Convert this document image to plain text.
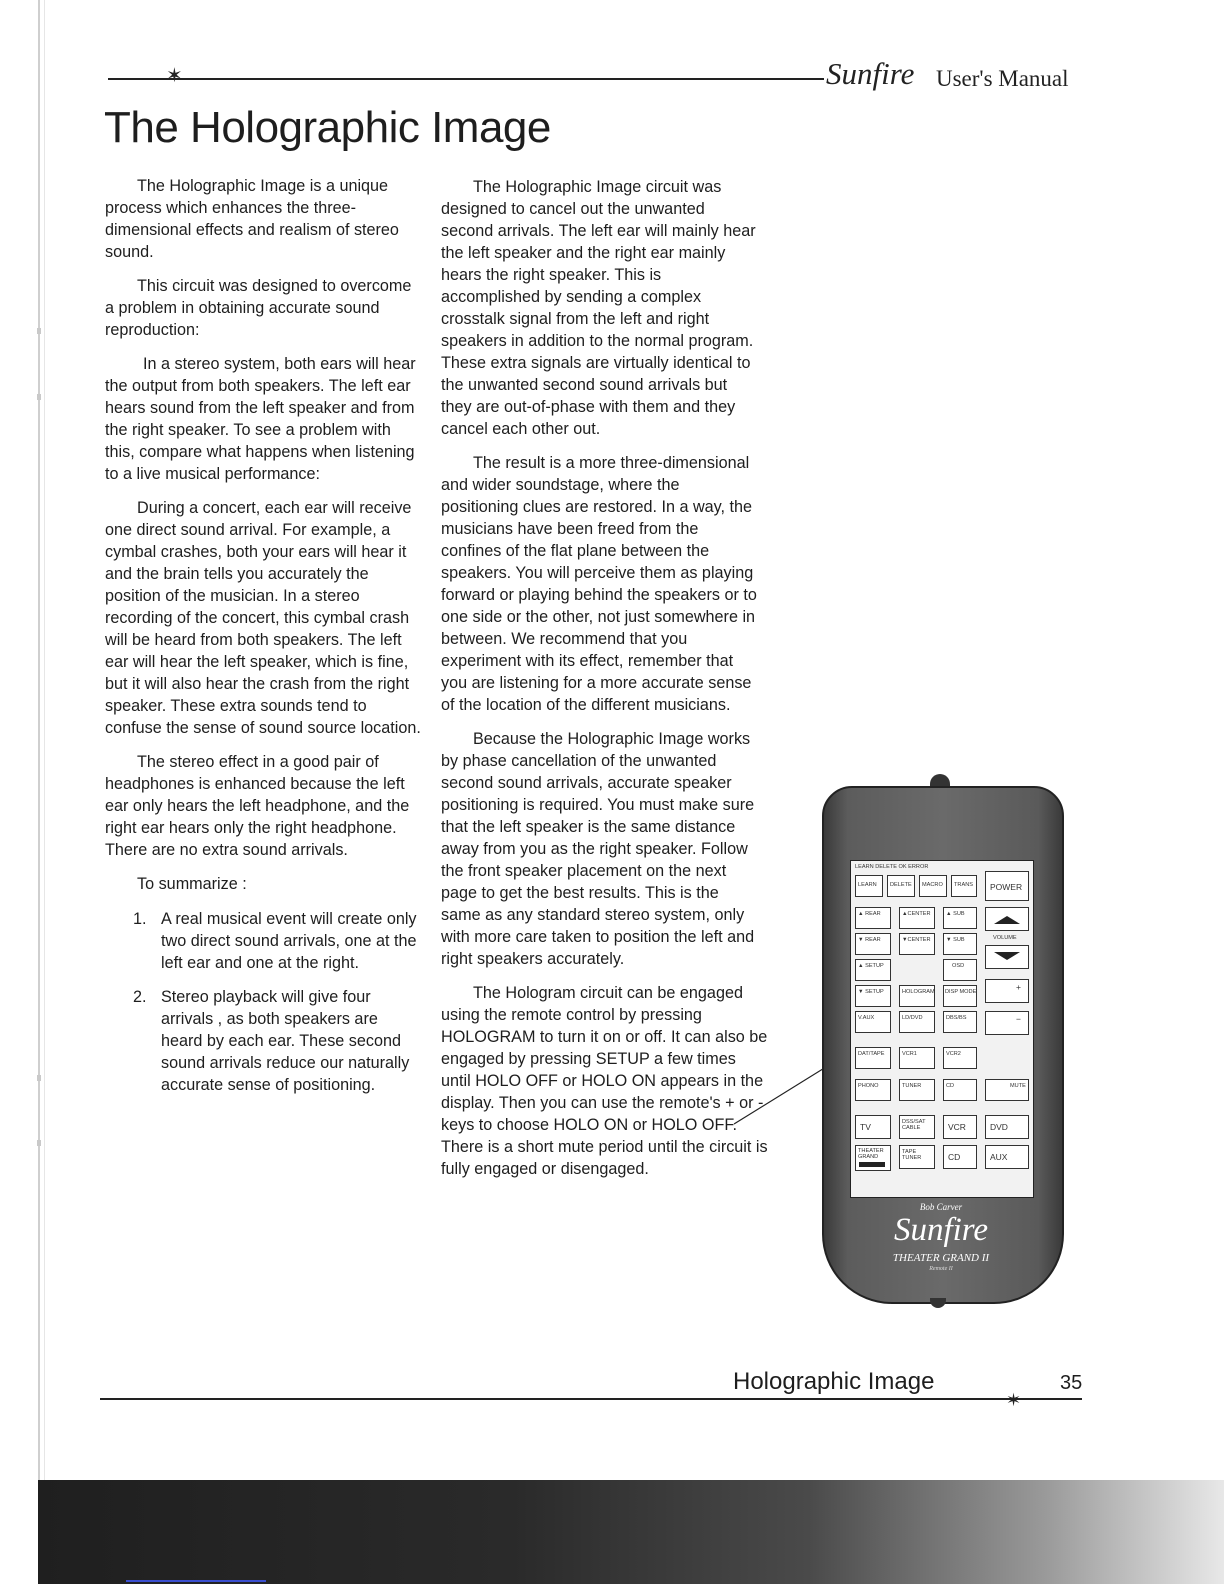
✶	Sunfire User's Manual
The Holographic Image

The Holographic Image is a unique process which enhances the three-dimensional effects and realism of stereo sound.

This circuit was designed to overcome a problem in obtaining accurate sound reproduction:

In a stereo system, both ears will hear the output from both speakers. The left ear hears sound from the left speaker and from the right speaker. To see a problem with this, compare what happens when listening to a live musical performance:

During a concert, each ear will receive one direct sound arrival. For example, a cymbal crashes, both your ears will hear it and the brain tells you accurately the position of the musician. In a stereo recording of the concert, this cymbal crash will be heard from both speakers. The left ear will hear the left speaker, which is fine, but it will also hear the crash from the right speaker. These extra sounds tend to confuse the sense of sound source location.

The stereo effect in a good pair of headphones is enhanced because the left ear only hears the left headphone, and the right ear hears only the right headphone. There are no extra sound arrivals.

To summarize :

1. A real musical event will create only two direct sound arrivals, one at the left ear and one at the right.
2. Stereo playback will give four arrivals , as both speakers are heard by each ear. These second sound arrivals reduce our naturally accurate sense of positioning.

The Holographic Image circuit was designed to cancel out the unwanted second arrivals. The left ear will mainly hear the left speaker and the right ear mainly hears the right speaker. This is accomplished by sending a complex crosstalk signal from the left and right speakers in addition to the normal program. These extra signals are virtually identical to the unwanted second sound arrivals but they are out-of-phase with them and they cancel each other out.

The result is a more three-dimensional and wider soundstage, where the positioning clues are restored. In a way, the musicians have been freed from the confines of the flat plane between the speakers. You will perceive them as playing forward or playing behind the speakers or to one side or the other, not just somewhere in between. We recommend that you experiment with its effect, remember that you are listening for a more accurate sense of the location of the different musicians.

Because the Holographic Image works by phase cancellation of the unwanted second sound arrivals, accurate speaker positioning is required. You must make sure that the left speaker is the same distance away from you as the right speaker. Follow the front speaker placement on the next page to get the best results. This is the same as any standard stereo system, only with more care taken to position the left and right speakers accurately.

The Hologram circuit can be engaged using the remote control by pressing HOLOGRAM to turn it on or off. It can also be engaged by pressing SETUP a few times until HOLO OFF or HOLO ON appears in the display. Then you can use the remote's + or - keys to choose HOLO ON or HOLO OFF. There is a short mute period until the circuit is fully engaged or disengaged.

LEARN DELETE OK ERROR
LEARN DELETE MACRO TRANS POWER
▲ REAR	▲CENTER	▲ SUB
▼ REAR	▼CENTER	▼ SUB	VOLUME
▲ SETUP	OSD
▼ SETUP	HOLOGRAM DISP MODE	+
V.AUX	LD/DVD	DBS/BS	−
DAT/TAPE	VCR1	VCR2
PHONO	TUNER	CD	MUTE
TV	DSS/SAT CABLE	VCR	DVD
THEATER GRAND
TAPE TUNER	CD	AUX
Bob Carver
Sunfire
THEATER GRAND II
Remote II
Holographic Image	35
✶
